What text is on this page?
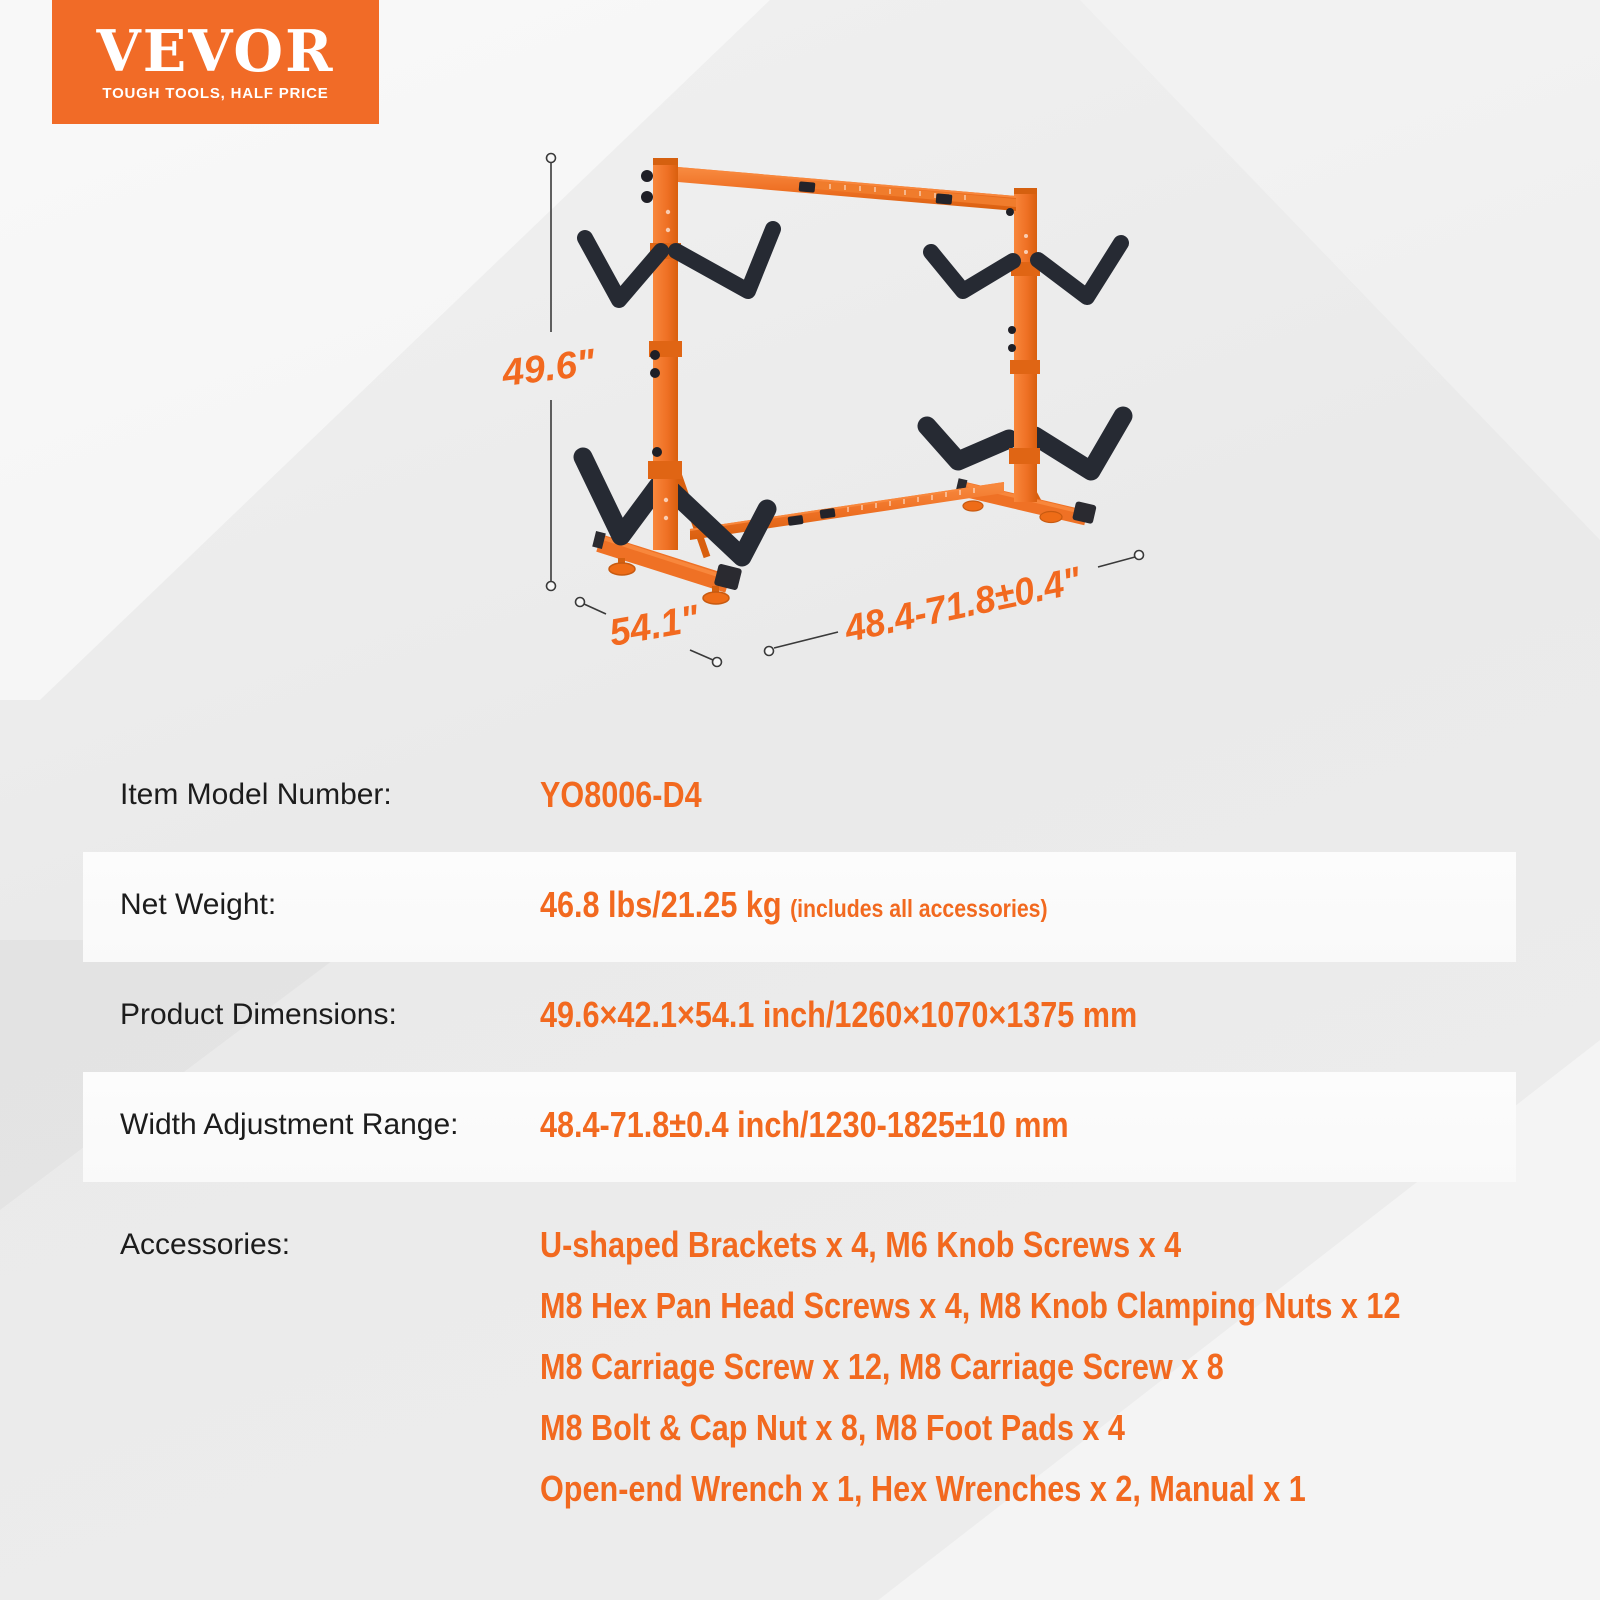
49.6"
54.1"	48.4-71.8±0.4"
VEVOR
TOUGH TOOLS, HALF PRICE
Item Model Number:	YO8006-D4
Net Weight:	46.8 lbs/21.25 kg (includes all accessories)
Product Dimensions:	49.6×42.1×54.1 inch/1260×1070×1375 mm
Width Adjustment Range: 48.4-71.8±0.4 inch/1230-1825±10 mm
Accessories:	U-shaped Brackets x 4, M6 Knob Screws x 4
M8 Hex Pan Head Screws x 4, M8 Knob Clamping Nuts x 12
M8 Carriage Screw x 12, M8 Carriage Screw x 8
M8 Bolt & Cap Nut x 8, M8 Foot Pads x 4
Open-end Wrench x 1, Hex Wrenches x 2, Manual x 1
